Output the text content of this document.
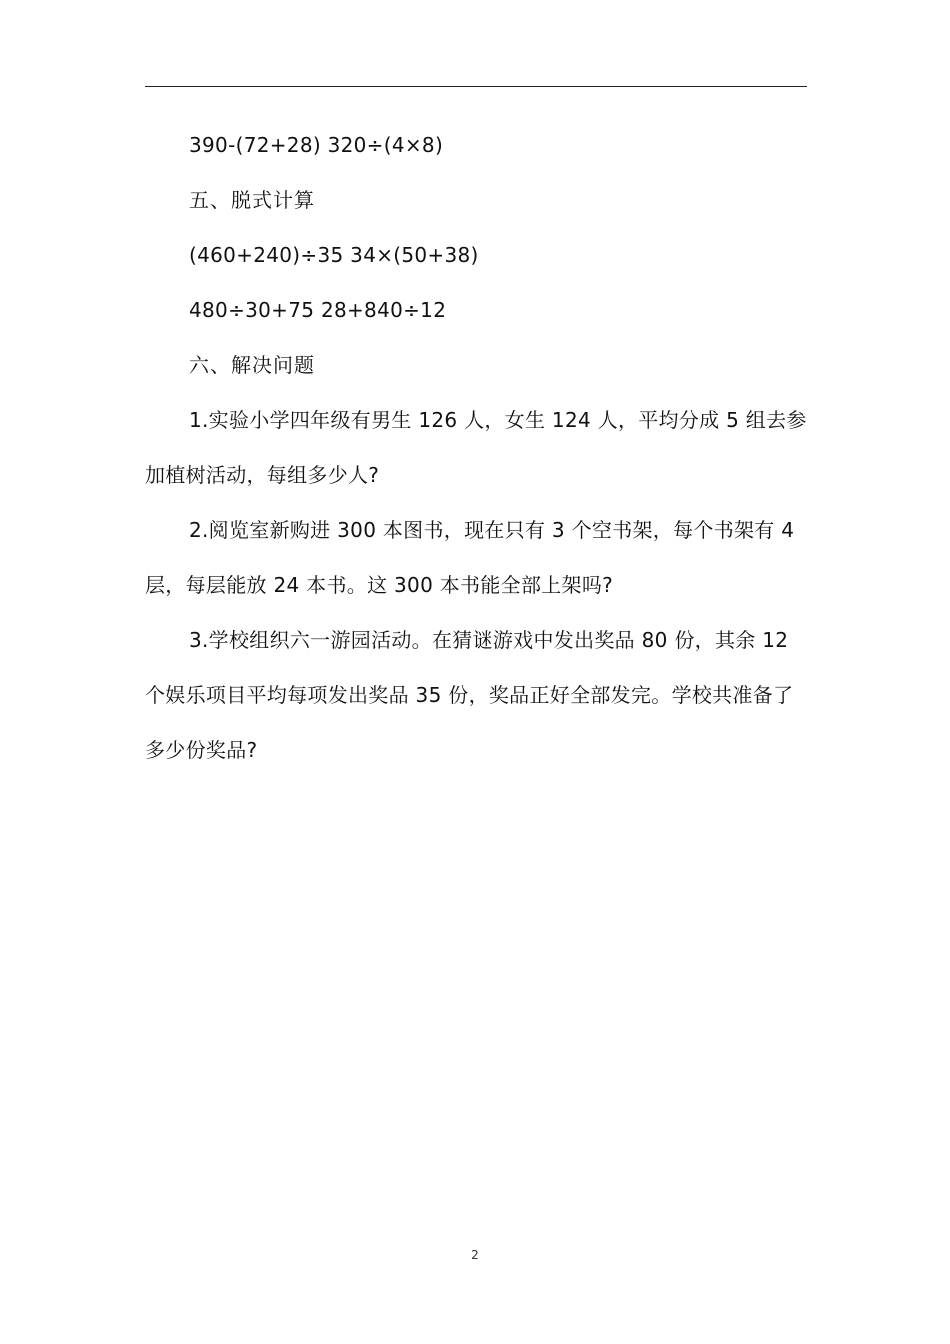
390-(72+28) 320÷(4×8)

五、脱式计算

(460+240)÷35 34×(50+38)

480÷30+75 28+840÷12

六、解决问题

1.实验小学四年级有男生 126 人，女生 124 人，平均分成 5 组去参加植树活动，每组多少人?

2.阅览室新购进 300 本图书，现在只有 3 个空书架，每个书架有 4 层，每层能放 24 本书。这 300 本书能全部上架吗?

3.学校组织六一游园活动。在猜谜游戏中发出奖品 80 份，其余 12 个娱乐项目平均每项发出奖品 35 份，奖品正好全部发完。学校共准备了多少份奖品?

2
